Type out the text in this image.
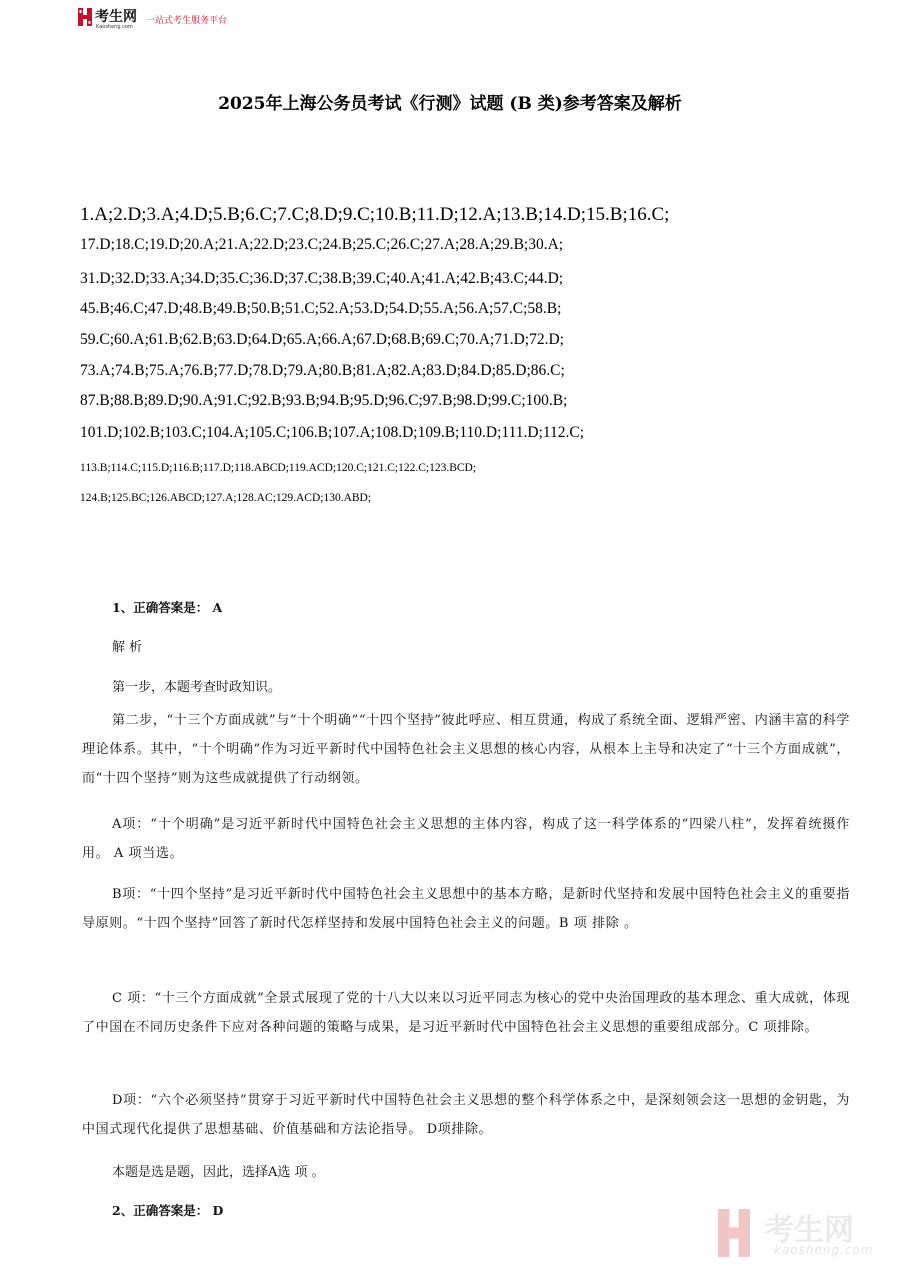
考生网
Kaosheng.com
一站式考生服务平台
2025年上海公务员考试《行测》试题 (B 类)参考答案及解析
1.A;2.D;3.A;4.D;5.B;6.C;7.C;8.D;9.C;10.B;11.D;12.A;13.B;14.D;15.B;16.C;
17.D;18.C;19.D;20.A;21.A;22.D;23.C;24.B;25.C;26.C;27.A;28.A;29.B;30.A;
31.D;32.D;33.A;34.D;35.C;36.D;37.C;38.B;39.C;40.A;41.A;42.B;43.C;44.D;
45.B;46.C;47.D;48.B;49.B;50.B;51.C;52.A;53.D;54.D;55.A;56.A;57.C;58.B;
59.C;60.A;61.B;62.B;63.D;64.D;65.A;66.A;67.D;68.B;69.C;70.A;71.D;72.D;
73.A;74.B;75.A;76.B;77.D;78.D;79.A;80.B;81.A;82.A;83.D;84.D;85.D;86.C;
87.B;88.B;89.D;90.A;91.C;92.B;93.B;94.B;95.D;96.C;97.B;98.D;99.C;100.B;
101.D;102.B;103.C;104.A;105.C;106.B;107.A;108.D;109.B;110.D;111.D;112.C;
113.B;114.C;115.D;116.B;117.D;118.ABCD;119.ACD;120.C;121.C;122.C;123.BCD;
124.B;125.BC;126.ABCD;127.A;128.AC;129.ACD;130.ABD;
1、正确答案是： A
解 析
第一步，本题考查时政知识。
第二步，“十三个方面成就”与“十个明确”“十四个坚持”彼此呼应、相互贯通，构成了系统全面、逻辑严密、内涵丰富的科学理论体系。其中，“十个明确”作为习近平新时代中国特色社会主义思想的核心内容，从根本上主导和决定了“十三个方面成就”，而“十四个坚持”则为这些成就提供了行动纲领。
A项：“十个明确”是习近平新时代中国特色社会主义思想的主体内容，构成了这一科学体系的“四梁八柱”，发挥着统摄作用。 A 项当选。
B项：“十四个坚持”是习近平新时代中国特色社会主义思想中的基本方略，是新时代坚持和发展中国特色社会主义的重要指导原则。“十四个坚持”回答了新时代怎样坚持和发展中国特色社会主义的问题。B 项 排除 。
C 项：“十三个方面成就”全景式展现了党的十八大以来以习近平同志为核心的党中央治国理政的基本理念、重大成就，体现了中国在不同历史条件下应对各种问题的策略与成果，是习近平新时代中国特色社会主义思想的重要组成部分。C 项排除。
D项：“六个必须坚持”贯穿于习近平新时代中国特色社会主义思想的整个科学体系之中，是深刻领会这一思想的金钥匙，为中国式现代化提供了思想基础、价值基础和方法论指导。 D项排除。
本题是选是题，因此，选择A选 项 。
2、正确答案是： D
考生网
kaosheng.com
